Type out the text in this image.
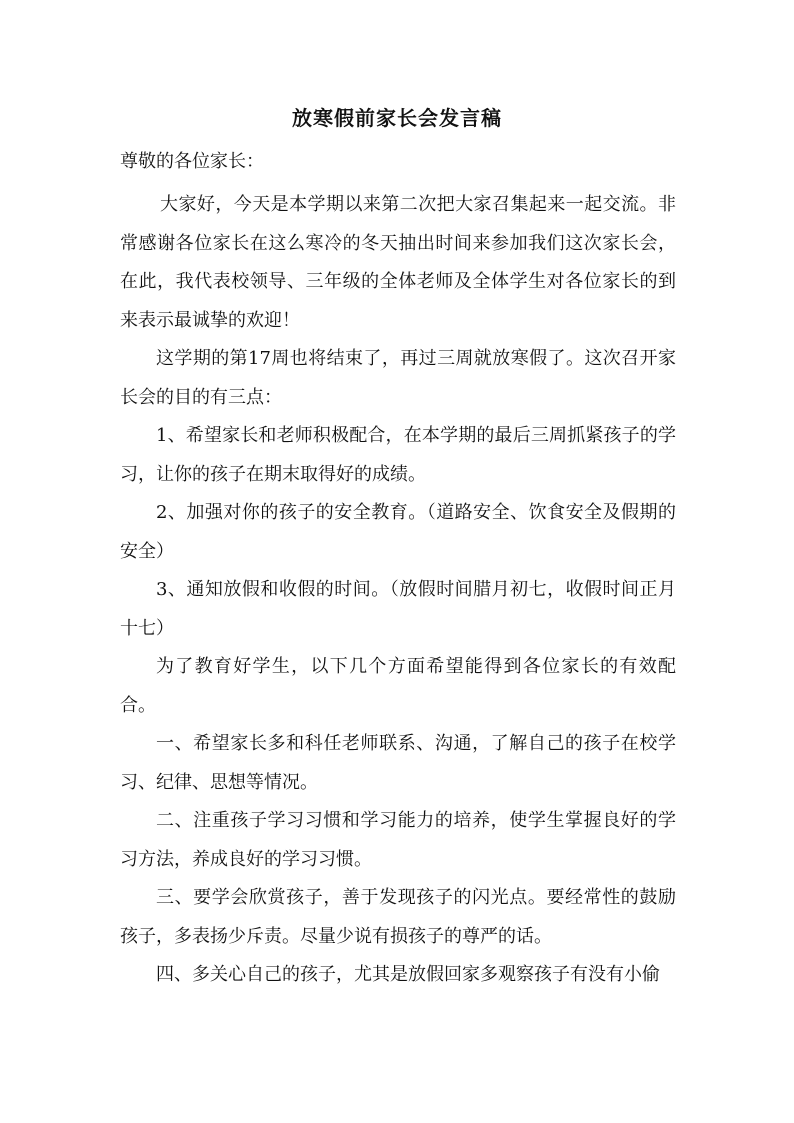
放寒假前家长会发言稿
尊敬的各位家长：

大家好，今天是本学期以来第二次把大家召集起来一起交流。非常感谢各位家长在这么寒冷的冬天抽出时间来参加我们这次家长会，在此，我代表校领导、三年级的全体老师及全体学生对各位家长的到来表示最诚挚的欢迎！

这学期的第17周也将结束了，再过三周就放寒假了。这次召开家长会的目的有三点：

1、希望家长和老师积极配合，在本学期的最后三周抓紧孩子的学习，让你的孩子在期末取得好的成绩。

2、加强对你的孩子的安全教育。（道路安全、饮食安全及假期的安全）

3、通知放假和收假的时间。（放假时间腊月初七，收假时间正月十七）

为了教育好学生，以下几个方面希望能得到各位家长的有效配合。

一、希望家长多和科任老师联系、沟通，了解自己的孩子在校学习、纪律、思想等情况。

二、注重孩子学习习惯和学习能力的培养，使学生掌握良好的学习方法，养成良好的学习习惯。

三、要学会欣赏孩子，善于发现孩子的闪光点。要经常性的鼓励孩子，多表扬少斥责。尽量少说有损孩子的尊严的话。

四、多关心自己的孩子，尤其是放假回家多观察孩子有没有小偷
